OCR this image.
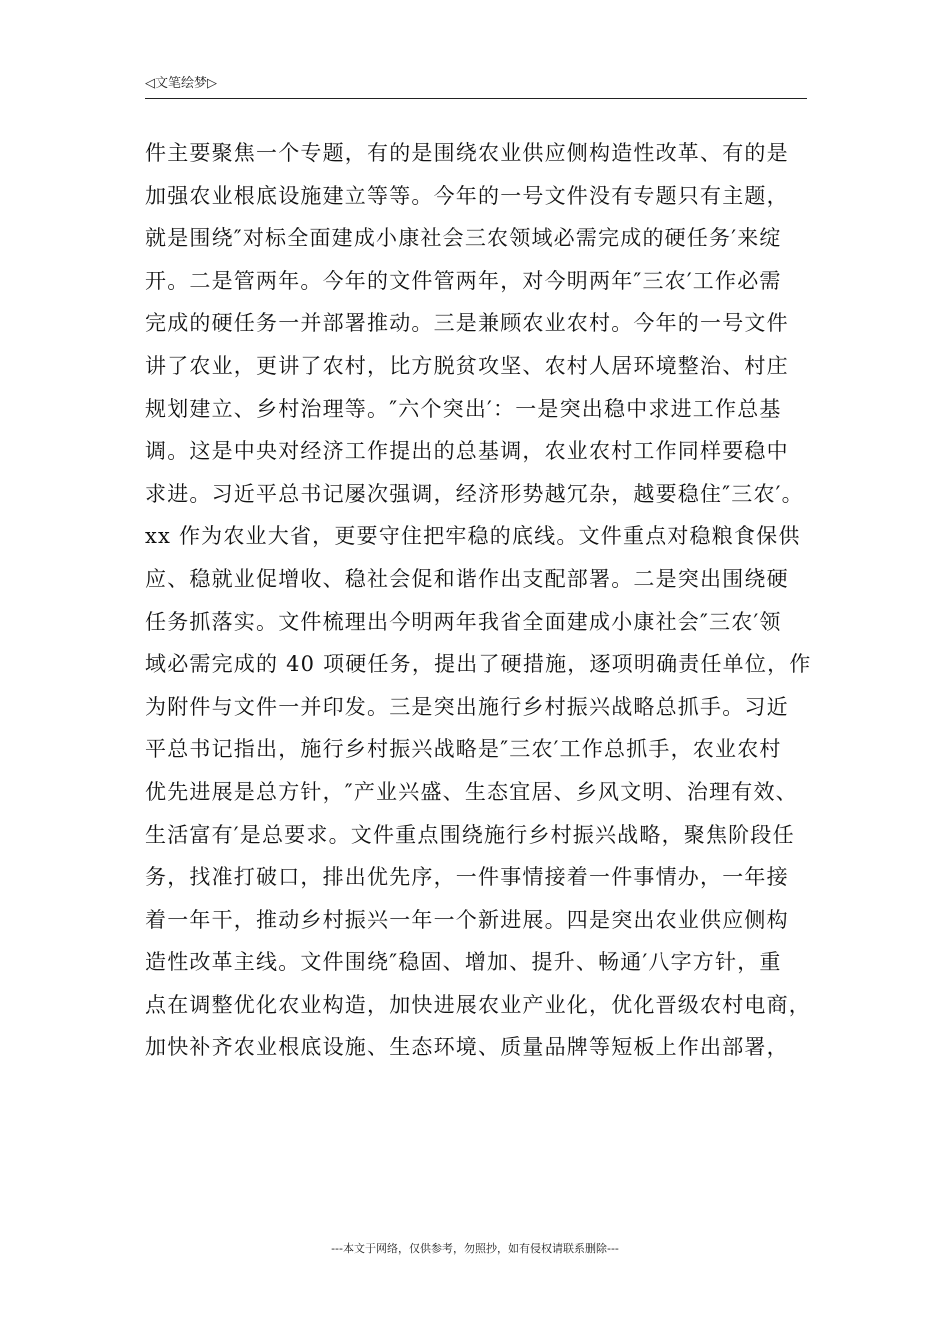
◁文笔绘梦▷
件主要聚焦一个专题，有的是围绕农业供应侧构造性改革、有的是
加强农业根底设施建立等等。今年的一号文件没有专题只有主题，
就是围绕″对标全面建成小康社会三农领域必需完成的硬任务′来绽
开。二是管两年。今年的文件管两年，对今明两年″三农′工作必需
完成的硬任务一并部署推动。三是兼顾农业农村。今年的一号文件
讲了农业，更讲了农村，比方脱贫攻坚、农村人居环境整治、村庄
规划建立、乡村治理等。″六个突出′：一是突出稳中求进工作总基
调。这是中央对经济工作提出的总基调，农业农村工作同样要稳中
求进。习近平总书记屡次强调，经济形势越冗杂，越要稳住″三农′。
xx 作为农业大省，更要守住把牢稳的底线。文件重点对稳粮食保供
应、稳就业促增收、稳社会促和谐作出支配部署。二是突出围绕硬
任务抓落实。文件梳理出今明两年我省全面建成小康社会″三农′领
域必需完成的 40 项硬任务，提出了硬措施，逐项明确责任单位，作
为附件与文件一并印发。三是突出施行乡村振兴战略总抓手。习近
平总书记指出，施行乡村振兴战略是″三农′工作总抓手，农业农村
优先进展是总方针，″产业兴盛、生态宜居、乡风文明、治理有效、
生活富有′是总要求。文件重点围绕施行乡村振兴战略，聚焦阶段任
务，找准打破口，排出优先序，一件事情接着一件事情办，一年接
着一年干，推动乡村振兴一年一个新进展。四是突出农业供应侧构
造性改革主线。文件围绕″稳固、增加、提升、畅通′八字方针，重
点在调整优化农业构造，加快进展农业产业化，优化晋级农村电商，
加快补齐农业根底设施、生态环境、质量品牌等短板上作出部署，
---本文于网络，仅供参考，勿照抄，如有侵权请联系删除---
